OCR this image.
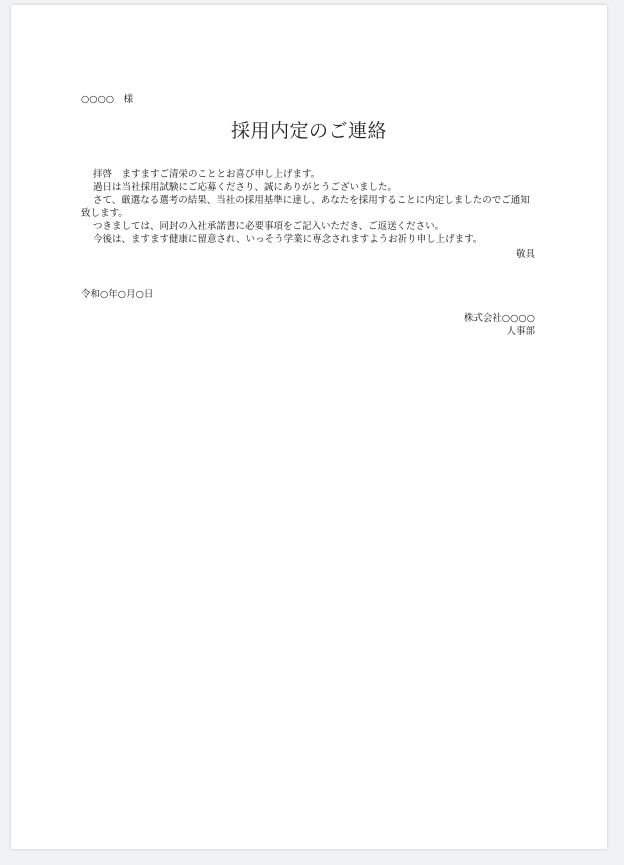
○○○○　様
採用内定のご連絡

拝啓　ますますご清栄のこととお喜び申し上げます。

過日は当社採用試験にご応募くださり、誠にありがとうございました。

さて、厳選なる選考の結果、当社の採用基準に達し、あなたを採用することに内定しましたのでご通知致します。

つきましては、同封の入社承諾書に必要事項をご記入いただき、ご返送ください。

今後は、ますます健康に留意され、いっそう学業に専念されますようお祈り申し上げます。

敬具
令和○年○月○日
株式会社○○○○
人事部
